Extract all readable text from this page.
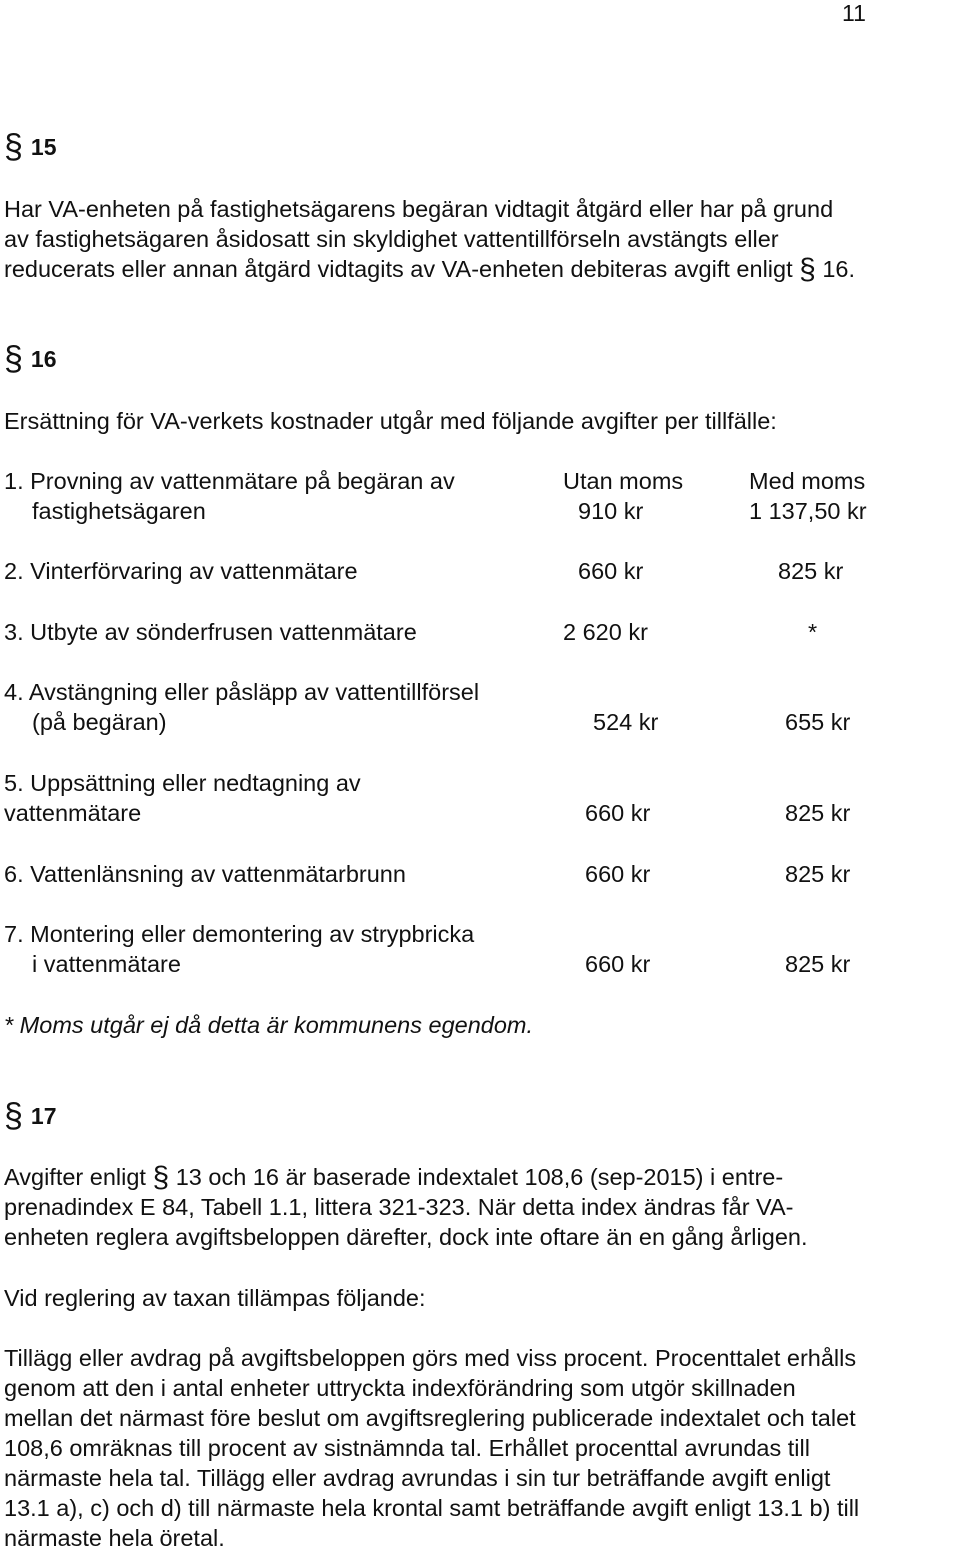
11
§ 15
Har VA-enheten på fastighetsägarens begäran vidtagit åtgärd eller har på grund
av fastighetsägaren åsidosatt sin skyldighet vattentillförseln avstängts eller
reducerats eller annan åtgärd vidtagits av VA-enheten debiteras avgift enligt § 16.
§ 16
Ersättning för VA-verkets kostnader utgår med följande avgifter per tillfälle:
Utan moms	Med moms
1. Provning av vattenmätare på begäran av
fastighetsägaren	910 kr	1 137,50 kr
2. Vinterförvaring av vattenmätare	660 kr	825 kr
3. Utbyte av sönderfrusen vattenmätare	2 620 kr	*
4. Avstängning eller påsläpp av vattentillförsel
(på begäran)	524 kr	655 kr
5. Uppsättning eller nedtagning av
vattenmätare	660 kr	825 kr
6. Vattenlänsning av vattenmätarbrunn	660 kr	825 kr
7. Montering eller demontering av strypbricka
i vattenmätare	660 kr	825 kr
* Moms utgår ej då detta är kommunens egendom.
§ 17
Avgifter enligt § 13 och 16 är baserade indextalet 108,6 (sep-2015) i entre-
prenadindex E 84, Tabell 1.1, littera 321-323. När detta index ändras får VA-
enheten reglera avgiftsbeloppen därefter, dock inte oftare än en gång årligen.
Vid reglering av taxan tillämpas följande:
Tillägg eller avdrag på avgiftsbeloppen görs med viss procent. Procenttalet erhålls
genom att den i antal enheter uttryckta indexförändring som utgör skillnaden
mellan det närmast före beslut om avgiftsreglering publicerade indextalet och talet
108,6 omräknas till procent av sistnämnda tal. Erhållet procenttal avrundas till
närmaste hela tal. Tillägg eller avdrag avrundas i sin tur beträffande avgift enligt
13.1 a), c) och d) till närmaste hela krontal samt beträffande avgift enligt 13.1 b) till
närmaste hela öretal.
